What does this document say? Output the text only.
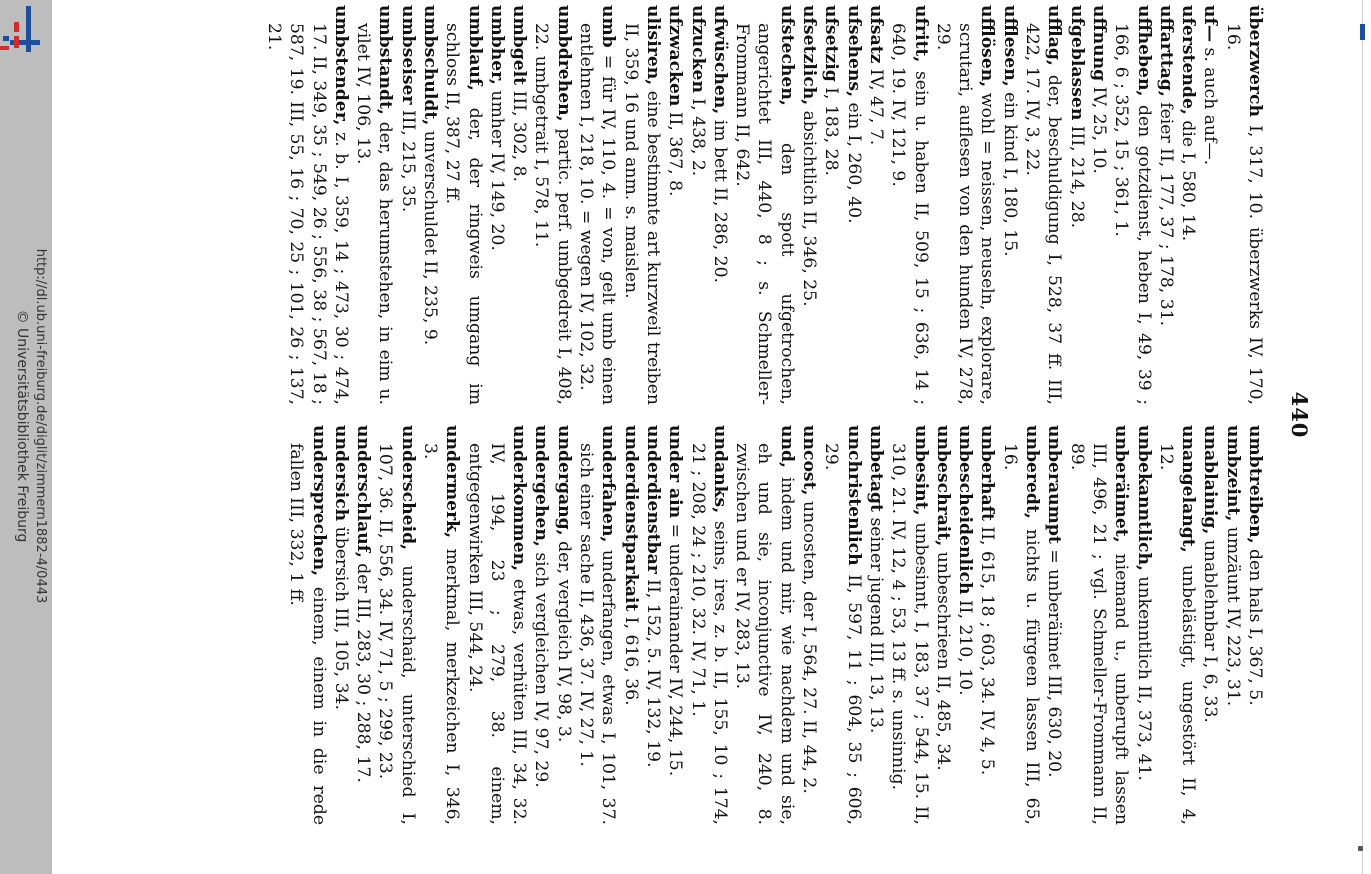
http://dl.ub.uni-freiburg.de/diglit/zimmern1882-4/0443
© Universitätsbibliothek Freiburg	440

überzwerch I, 317, 10. überzwerks IV, 170, 16.

uf— s. auch auf—.

uferstende, die I, 580, 14.

uffarttag, feier II, 177, 37 ; 178, 31.

uffheben, den gotzdienst, heben I, 49, 39 ; 166, 6 ; 352, 15 ; 361, 1.

uffnung IV, 25, 10.

ufgeblassen III, 214, 28.

ufflag, der, beschuldigung I, 528, 37 ff. III, 422, 17. IV, 3, 22.

ufflesen, ein kind I, 180, 15.

ufflösen, wohl = neissen, neuseln, explorare, scrutari, auflesen von den hunden IV, 278, 29.

ufritt, sein u. haben II, 509, 15 ; 636, 14 ; 640, 19. IV, 121, 9.

ufsatz IV, 47, 7.

ufsehens, ein I, 260, 40.

ufsetzig I, 183, 28.

ufsetzlich, absichtlich II, 346, 25.

ufstechen, den spott ufgetrochen, angerichtet III, 440, 8 ; s. Schmeller-Frommann II, 642.

ufwüschen, im bett II, 286, 20.

ufzucken I, 438, 2.

ufzwacken II, 367, 8.

ulisiren, eine bestimmte art kurzweil treiben II, 359, 16 und anm. s. maislen.

umb = für IV, 110, 4. = von, gelt umb einen entlehnen I, 218, 10. = wegen IV, 102, 32.

umbdrehen, partic. perf. umbgedreit I, 408, 22. umbgetrait I, 578, 11.

umbgelt III, 302, 8.

umbher, umher IV, 149, 20.

umblauf, der, der ringweis umgang im schloss II, 387, 27 ff.

umbschuldt, unverschuldet II, 235, 9.

umbseiser III, 215, 35.

umbstandt, der, das herumstehen, in eim u. vilet IV, 106, 13.

umbstender, z. b. I, 359, 14 ; 473, 30 ; 474, 17. II, 349, 35 ; 549, 26 ; 556, 38 ; 567, 18 ; 587, 19. III, 55, 16 ; 70, 25 ; 101, 26 ; 137, 21.

umbtreiben, den hals I, 367, 5.

umbzeint, umzäunt IV, 223, 31.

unablainig, unablehnbar I, 6, 33.

unangelangt, unbelästigt, ungestört II, 4, 12.

unbekanntlich, unkenntlich II, 373, 41.

unberäimet, niemand u., unberupft lassen III, 496, 21 ; vgl. Schmeller-Frommann II, 89.

unberaumpt = unberäimet III, 630, 20.

unberedt, nichts u. fürgeen lassen III, 65, 16.

unberhaft II, 615, 18 ; 603, 34. IV, 4, 5.

unbescheidenlich II, 210, 10.

unbeschrait, unbeschrieen II, 485, 34.

unbesint, unbesinnt, I, 183, 37 ; 544, 15. II, 310, 21. IV, 12, 4 ; 53, 13 ff. s. unsinnig.

unbetagt seiner jugend III, 13, 13.

unchristenlich II, 597, 11 ; 604, 35 ; 606, 29.

uncost, uncosten, der I, 564, 27. II, 44, 2.

und, indem und mir, wie nachdem und sie, eh und sie, inconjunctive IV, 240, 8. zwischen und er IV, 283, 13.

undanks, seins, ires, z. b. II, 155, 10 ; 174, 21 ; 208, 24 ; 210, 32. IV, 71, 1.

under ain = underainander IV, 244, 15.

underdienstbar II, 152, 5. IV, 132, 19.

underdienstparkait I, 616, 36.

underfahen, underfangen, etwas I, 101, 37. sich einer sache II, 436, 37. IV, 27, 1.

undergang, der, vergleich IV, 98, 3.

undergehen, sich vergleichen IV, 97, 29.

underkommen, etwas, verhüten III, 34, 32. IV, 194, 23 ; 279, 38. einem, entgegenwirken III, 544, 24.

undermerk, merkmal, merkzeichen I, 346, 3.

underscheid, underschaid, unterschied I, 107, 36. II, 556, 34. IV, 71, 5 ; 299, 23.

underschlauf, der III, 283, 30 ; 288, 17.

undersich übersich III, 105, 34.

undersprechen, einem, einem in die rede fallen III, 332, 1 ff.
